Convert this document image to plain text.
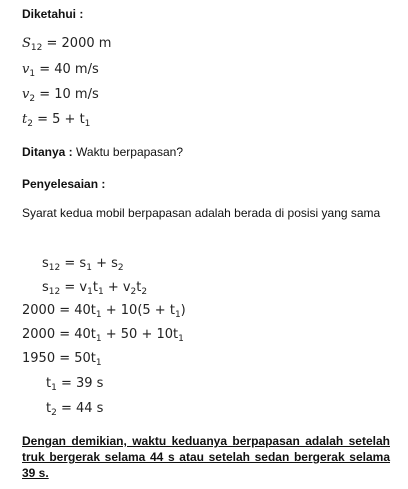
Diketahui :
$S_{12} = 2000$ m
$v_1 = 40$ m/s
$v_2 = 10$ m/s
$t_2 = 5 + t_1$
Ditanya : Waktu berpapasan?
Penyelesaian :
Syarat kedua mobil berpapasan adalah berada di posisi yang sama
$s_{12} = s_1 + s_2$
$s_{12} = v_1t_1 + v_2t_2$
$2000 = 40t_1 + 10(5 + t_1)$
$2000 = 40t_1 + 50 + 10t_1$
$1950 = 50t_1$
$t_1 = 39$ s
$t_2 = 44$ s
Dengan demikian, waktu keduanya berpapasan adalah setelah truk bergerak selama 44 s atau setelah sedan bergerak selama 39 s.
